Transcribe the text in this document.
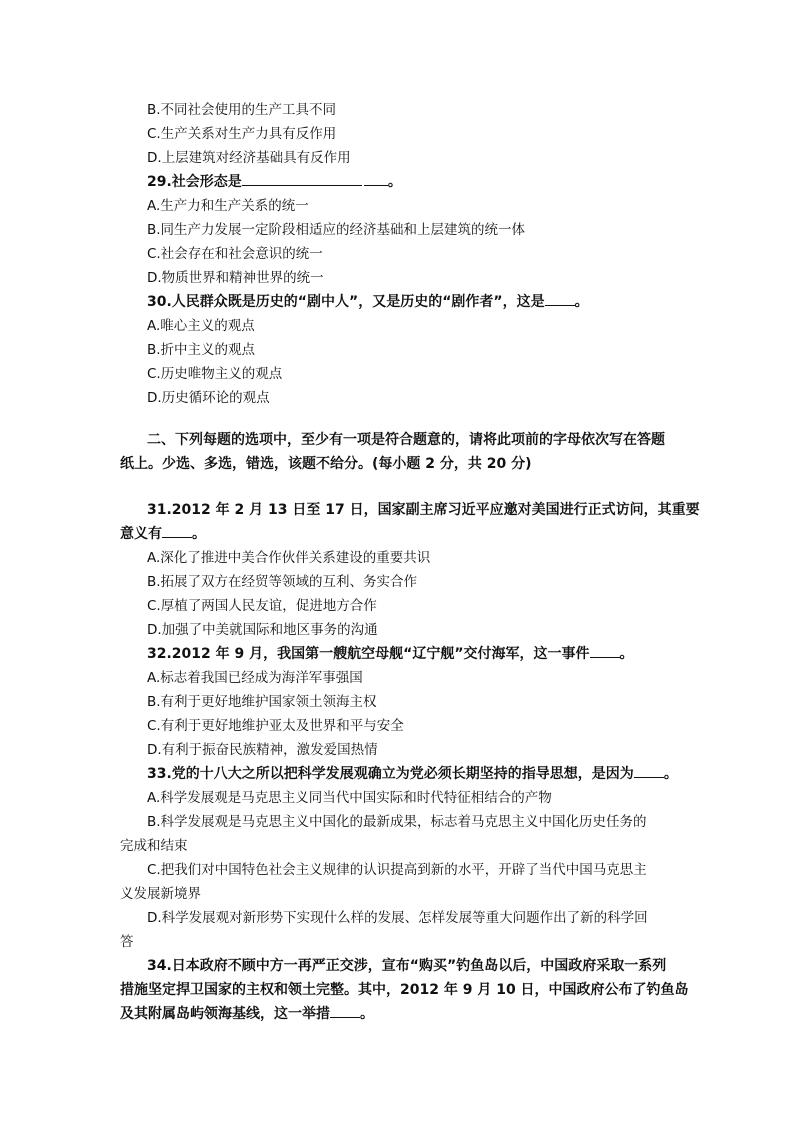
B.不同社会使用的生产工具不同
C.生产关系对生产力具有反作用
D.上层建筑对经济基础具有反作用
29.社会形态是	。
A.生产力和生产关系的统一
B.同生产力发展一定阶段相适应的经济基础和上层建筑的统一体
C.社会存在和社会意识的统一
D.物质世界和精神世界的统一
30.人民群众既是历史的“剧中人”，又是历史的“剧作者”，这是 。
A.唯心主义的观点
B.折中主义的观点
C.历史唯物主义的观点
D.历史循环论的观点
二、下列每题的选项中，至少有一项是符合题意的，请将此项前的字母依次写在答题
纸上。少选、多选，错选，该题不给分。(每小题 2 分，共 20 分)
31.2012 年 2 月 13 日至 17 日，国家副主席习近平应邀对美国进行正式访问，其重要
意义有 。
A.深化了推进中美合作伙伴关系建设的重要共识
B.拓展了双方在经贸等领域的互利、务实合作
C.厚植了两国人民友谊，促进地方合作
D.加强了中美就国际和地区事务的沟通
32.2012 年 9 月，我国第一艘航空母舰“辽宁舰”交付海军，这一事件 。
A.标志着我国已经成为海洋军事强国
B.有利于更好地维护国家领土领海主权
C.有利于更好地维护亚太及世界和平与安全
D.有利于振奋民族精神，激发爱国热情
33.党的十八大之所以把科学发展观确立为党必须长期坚持的指导思想，是因为 。
A.科学发展观是马克思主义同当代中国实际和时代特征相结合的产物
B.科学发展观是马克思主义中国化的最新成果，标志着马克思主义中国化历史任务的
完成和结束
C.把我们对中国特色社会主义规律的认识提高到新的水平，开辟了当代中国马克思主
义发展新境界
D.科学发展观对新形势下实现什么样的发展、怎样发展等重大问题作出了新的科学回
答
34.日本政府不顾中方一再严正交涉，宣布“购买”钓鱼岛以后，中国政府采取一系列
措施坚定捍卫国家的主权和领土完整。其中，2012 年 9 月 10 日，中国政府公布了钓鱼岛
及其附属岛屿领海基线，这一举措 。
